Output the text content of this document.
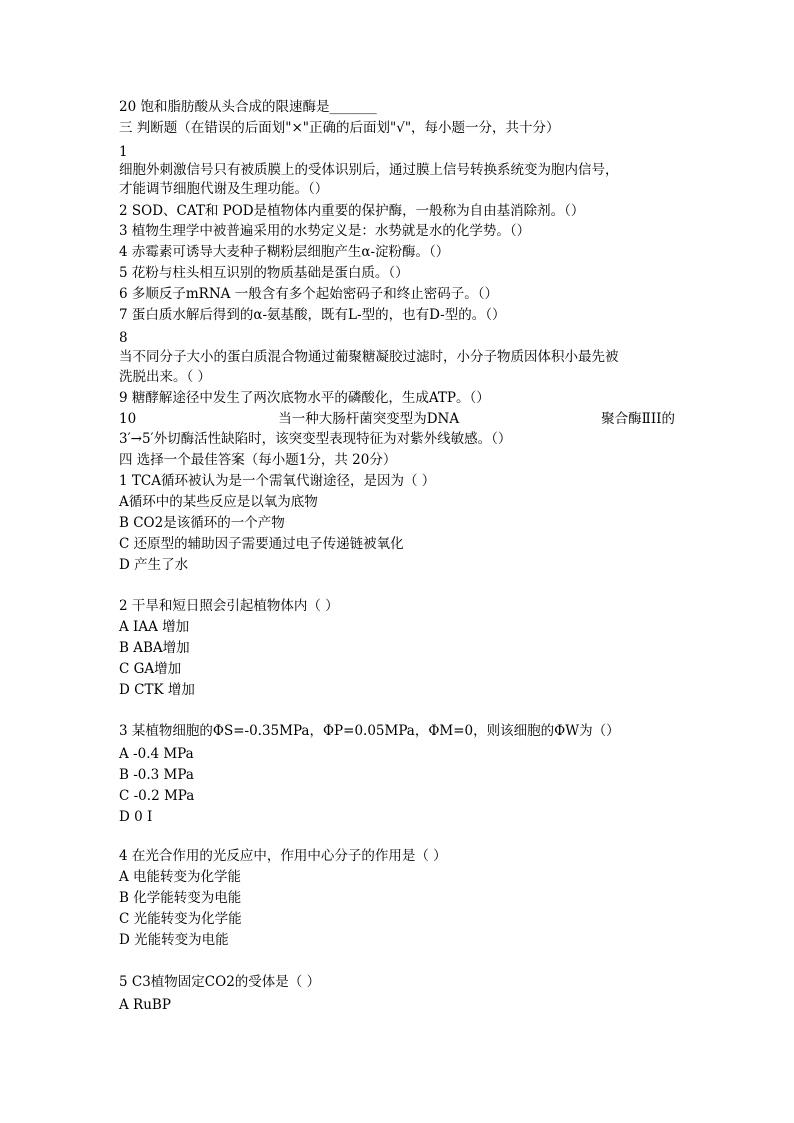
20 饱和脂肪酸从头合成的限速酶是_______
三 判断题（在错误的后面划"×"正确的后面划"√"，每小题一分，共十分）
1
细胞外刺激信号只有被质膜上的受体识别后，通过膜上信号转换系统变为胞内信号，
才能调节细胞代谢及生理功能。（）
2 SOD、CAT和 POD是植物体内重要的保护酶，一般称为自由基消除剂。（）
3 植物生理学中被普遍采用的水势定义是：水势就是水的化学势。（）
4 赤霉素可诱导大麦种子糊粉层细胞产生α-淀粉酶。（）
5 花粉与柱头相互识别的物质基础是蛋白质。（）
6 多顺反子mRNA 一般含有多个起始密码子和终止密码子。（）
7 蛋白质水解后得到的α-氨基酸，既有L-型的，也有D-型的。（）
8
当不同分子大小的蛋白质混合物通过葡聚糖凝胶过滤时，小分子物质因体积小最先被
洗脱出来。（ ）
9 糖酵解途径中发生了两次底物水平的磷酸化，生成ATP。（）
10	当一种大肠杆菌突变型为DNA	聚合酶ⅡII的
3′→5′外切酶活性缺陷时，该突变型表现特征为对紫外线敏感。（）
四 选择一个最佳答案（每小题1分，共 20分）
1 TCA循环被认为是一个需氧代谢途径，是因为（ ）
A循环中的某些反应是以氧为底物
B CO2是该循环的一个产物
C 还原型的辅助因子需要通过电子传递链被氧化
D 产生了水
2 干旱和短日照会引起植物体内（ ）
A IAA 增加
B ABA增加
C GA增加
D CTK 增加
3 某植物细胞的ΦS=-0.35MPa，ΦP=0.05MPa，ΦM=0，则该细胞的ΦW为（）
A -0.4 MPa
B -0.3 MPa
C -0.2 MPa
D 0 I
4 在光合作用的光反应中，作用中心分子的作用是（ ）
A 电能转变为化学能
B 化学能转变为电能
C 光能转变为化学能
D 光能转变为电能
5 C3植物固定CO2的受体是（ ）
A RuBP
